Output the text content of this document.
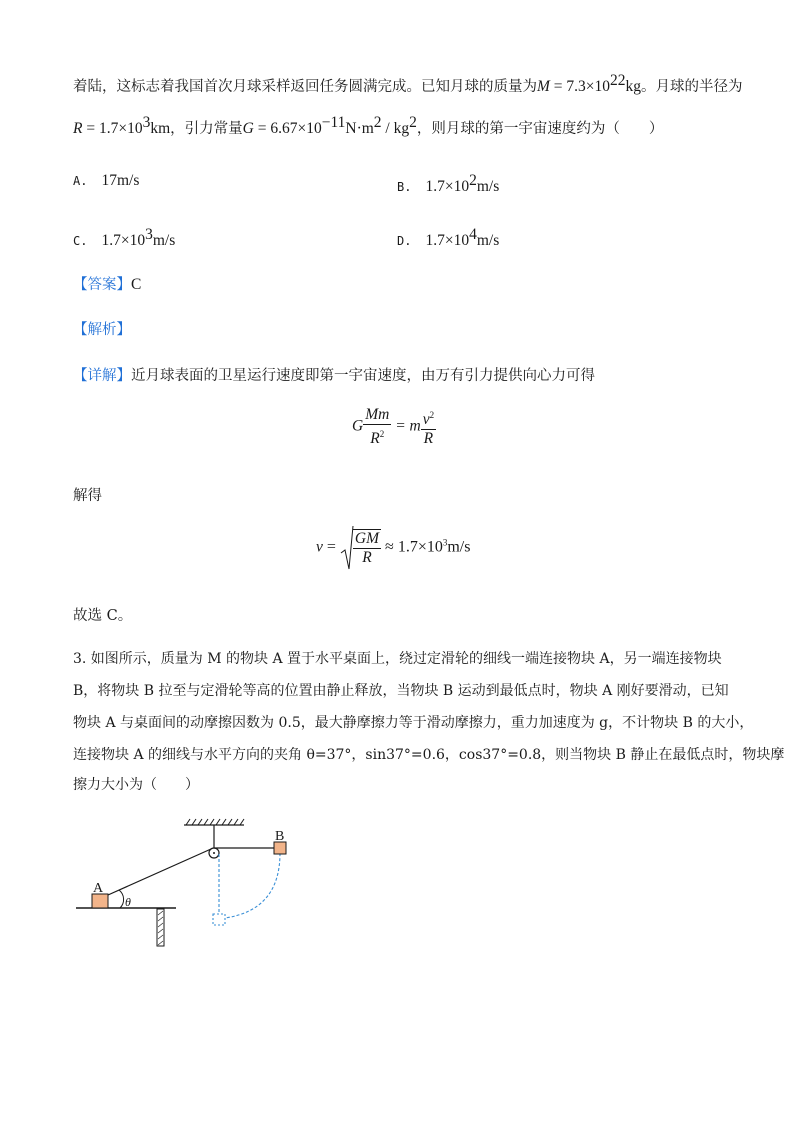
着陆，这标志着我国首次月球采样返回任务圆满完成。已知月球的质量为$M = 7.3\times 10^{22}kg$。月球的半径为
$R = 1.7\times 10^3km$，引力常量$G = 6.67\times 10^{-11}N\cdot m^2 / kg^2$，则月球的第一宇宙速度约为（　　）
A. 17m/s	B. $1.7\times 10^2m/s$
C. $1.7\times 10^3m/s$	D. $1.7\times 10^4m/s$
【答案】C
【解析】
【详解】近月球表面的卫星运行速度即第一宇宙速度，由万有引力提供向心力可得
G $\frac{Mm}{R^2} = m \frac{v^2}{R}$
解得
$v = \frac{GM}{R} \approx 1.7\times 10^3m/s$
故选 C。
3. 如图所示，质量为 M 的物块 A 置于水平桌面上，绕过定滑轮的细线一端连接物块 A，另一端连接物块
B，将物块 B 拉至与定滑轮等高的位置由静止释放，当物块 B 运动到最低点时，物块 A 刚好要滑动，已知
物块 A 与桌面间的动摩擦因数为 0.5，最大静摩擦力等于滑动摩擦力，重力加速度为 g，不计物块 B 的大小，
连接物块 A 的细线与水平方向的夹角 θ=37°，sin37°=0.6，cos37°=0.8，则当物块 B 静止在最低点时，物块摩
擦力大小为（　　）
B
A
θ
